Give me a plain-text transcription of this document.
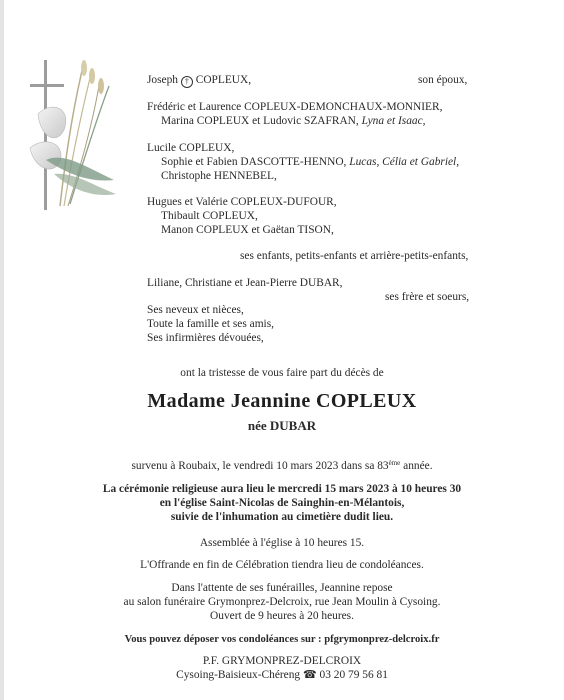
Joseph † COPLEUX,	son époux,
Frédéric et Laurence COPLEUX-DEMONCHAUX-MONNIER,
Marina COPLEUX et Ludovic SZAFRAN, Lyna et Isaac,
Lucile COPLEUX,
Sophie et Fabien DASCOTTE-HENNO, Lucas, Célia et Gabriel,
Christophe HENNEBEL,
Hugues et Valérie COPLEUX-DUFOUR,
Thibault COPLEUX,
Manon COPLEUX et Gaëtan TISON,
ses enfants, petits-enfants et arrière-petits-enfants,
Liliane, Christiane et Jean-Pierre DUBAR,
ses frère et soeurs,
Ses neveux et nièces,
Toute la famille et ses amis,
Ses infirmières dévouées,
ont la tristesse de vous faire part du décès de
Madame Jeannine COPLEUX
née DUBAR
survenu à Roubaix, le vendredi 10 mars 2023 dans sa 83ème année.
La cérémonie religieuse aura lieu le mercredi 15 mars 2023 à 10 heures 30
en l'église Saint-Nicolas de Sainghin-en-Mélantois,
suivie de l'inhumation au cimetière dudit lieu.
Assemblée à l'église à 10 heures 15.
L'Offrande en fin de Célébration tiendra lieu de condoléances.
Dans l'attente de ses funérailles, Jeannine repose
au salon funéraire Grymonprez-Delcroix, rue Jean Moulin à Cysoing.
Ouvert de 9 heures à 20 heures.
Vous pouvez déposer vos condoléances sur : pfgrymonprez-delcroix.fr
P.F. GRYMONPREZ-DELCROIX
Cysoing-Baisieux-Chéreng ☎ 03 20 79 56 81
